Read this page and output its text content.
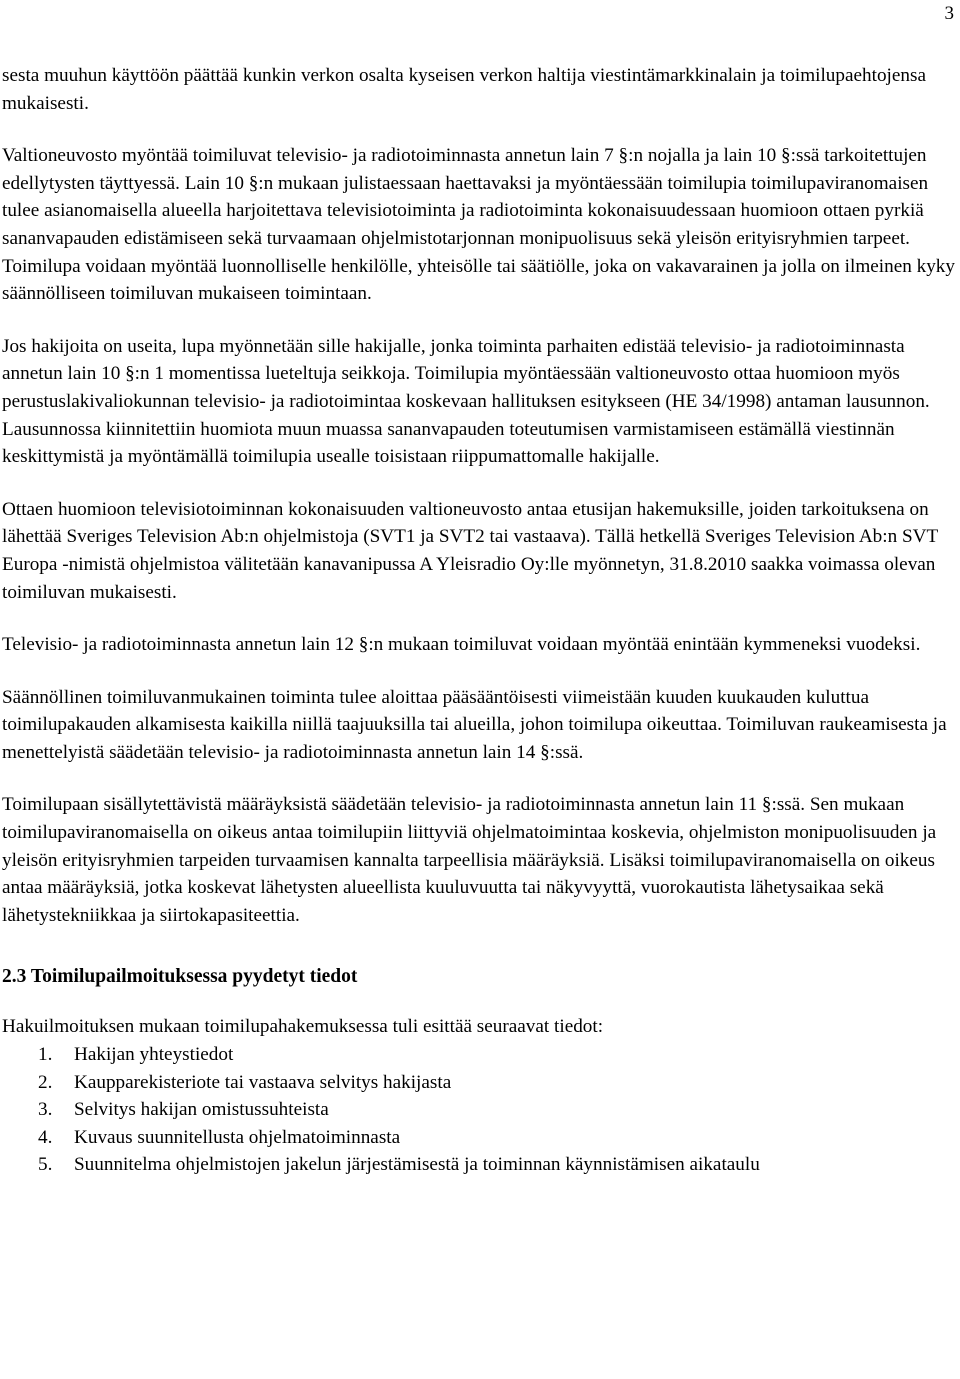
3

sesta muuhun käyttöön päättää kunkin verkon osalta kyseisen verkon haltija viestintämarkkinalain ja toimilupaehtojensa mukaisesti.

Valtioneuvosto myöntää toimiluvat televisio- ja radiotoiminnasta annetun lain 7 §:n nojalla ja lain 10 §:ssä tarkoitettujen edellytysten täyttyessä. Lain 10 §:n mukaan julistaessaan haettavaksi ja myöntäessään toimilupia toimilupaviranomaisen tulee asianomaisella alueella harjoitettava televisiotoiminta ja radiotoiminta kokonaisuudessaan huomioon ottaen pyrkiä sananvapauden edistämiseen sekä turvaamaan ohjelmistotarjonnan monipuolisuus sekä yleisön erityisryhmien tarpeet. Toimilupa voidaan myöntää luonnolliselle henkilölle, yhteisölle tai säätiölle, joka on vakavarainen ja jolla on ilmeinen kyky säännölliseen toimiluvan mukaiseen toimintaan.

Jos hakijoita on useita, lupa myönnetään sille hakijalle, jonka toiminta parhaiten edistää televisio- ja radiotoiminnasta annetun lain 10 §:n 1 momentissa lueteltuja seikkoja. Toimilupia myöntäessään valtioneuvosto ottaa huomioon myös perustuslakivaliokunnan televisio- ja radiotoimintaa koskevaan hallituksen esitykseen (HE 34/1998) antaman lausunnon. Lausunnossa kiinnitettiin huomiota muun muassa sananvapauden toteutumisen varmistamiseen estämällä viestinnän keskittymistä ja myöntämällä toimilupia usealle toisistaan riippumattomalle hakijalle.

Ottaen huomioon televisiotoiminnan kokonaisuuden valtioneuvosto antaa etusijan hakemuksille, joiden tarkoituksena on lähettää Sveriges Television Ab:n ohjelmistoja (SVT1 ja SVT2 tai vastaava). Tällä hetkellä Sveriges Television Ab:n SVT Europa -nimistä ohjelmistoa välitetään kanavanipussa A Yleisradio Oy:lle myönnetyn, 31.8.2010 saakka voimassa olevan toimiluvan mukaisesti.

Televisio- ja radiotoiminnasta annetun lain 12 §:n mukaan toimiluvat voidaan myöntää enintään kymmeneksi vuodeksi.

Säännöllinen toimiluvanmukainen toiminta tulee aloittaa pääsääntöisesti viimeistään kuuden kuukauden kuluttua toimilupakauden alkamisesta kaikilla niillä taajuuksilla tai alueilla, johon toimilupa oikeuttaa. Toimiluvan raukeamisesta ja menettelyistä säädetään televisio- ja radiotoiminnasta annetun lain 14 §:ssä.

Toimilupaan sisällytettävistä määräyksistä säädetään televisio- ja radiotoiminnasta annetun lain 11 §:ssä. Sen mukaan toimilupaviranomaisella on oikeus antaa toimilupiin liittyviä ohjelmatoimintaa koskevia, ohjelmiston monipuolisuuden ja yleisön erityisryhmien tarpeiden turvaamisen kannalta tarpeellisia määräyksiä. Lisäksi toimilupaviranomaisella on oikeus antaa määräyksiä, jotka koskevat lähetysten alueellista kuuluvuutta tai näkyvyyttä, vuorokautista lähetysaikaa sekä lähetystekniikkaa ja siirtokapasiteettia.

2.3 Toimilupailmoituksessa pyydetyt tiedot

Hakuilmoituksen mukaan toimilupahakemuksessa tuli esittää seuraavat tiedot:

1.	Hakijan yhteystiedot
2.	Kaupparekisteriote tai vastaava selvitys hakijasta
3.	Selvitys hakijan omistussuhteista
4.	Kuvaus suunnitellusta ohjelmatoiminnasta
5.	Suunnitelma ohjelmistojen jakelun järjestämisestä ja toiminnan käynnistämisen aikataulu
